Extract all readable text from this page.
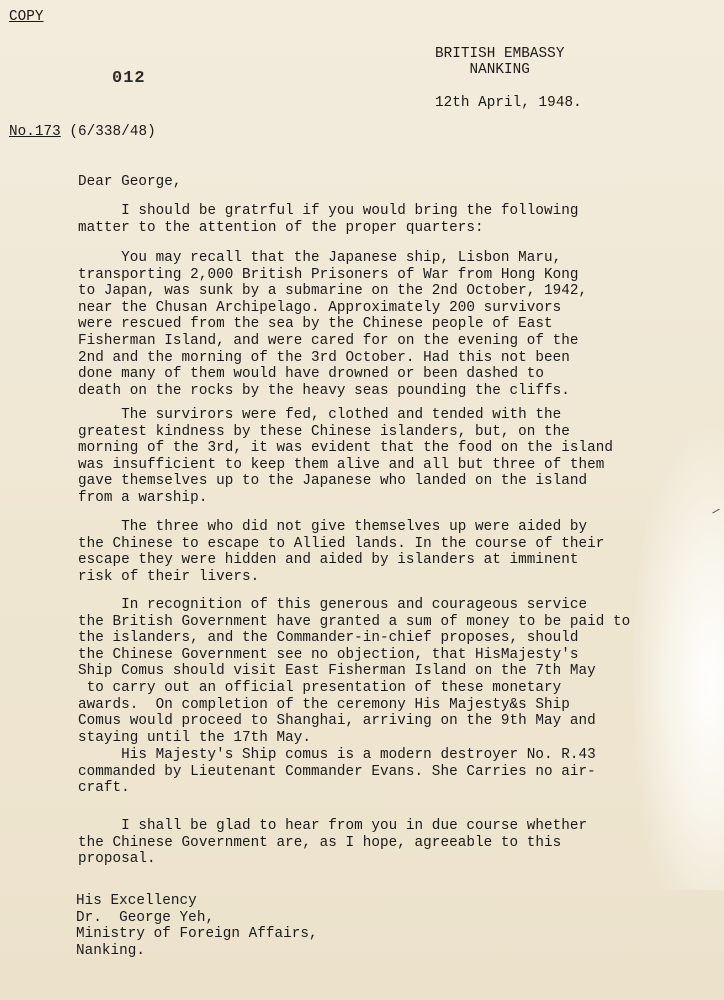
COPY
012
BRITISH EMBASSY
NANKING
12th April, 1948.
No.173 (6/338/48)
Dear George,
I should be gratrful if you would bring the following
matter to the attention of the proper quarters:
You may recall that the Japanese ship, Lisbon Maru,
transporting 2,000 British Prisoners of War from Hong Kong
to Japan, was sunk by a submarine on the 2nd October, 1942,
near the Chusan Archipelago. Approximately 200 survivors
were rescued from the sea by the Chinese people of East
Fisherman Island, and were cared for on the evening of the
2nd and the morning of the 3rd October. Had this not been
done many of them would have drowned or been dashed to
death on the rocks by the heavy seas pounding the cliffs.
The survirors were fed, clothed and tended with the
greatest kindness by these Chinese islanders, but, on the
morning of the 3rd, it was evident that the food on the island
was insufficient to keep them alive and all but three of them
gave themselves up to the Japanese who landed on the island
from a warship.
The three who did not give themselves up were aided by
the Chinese to escape to Allied lands. In the course of their
escape they were hidden and aided by islanders at imminent
risk of their livers.
In recognition of this generous and courageous service
the British Government have granted a sum of money to be paid to
the islanders, and the Commander-in-chief proposes, should
the Chinese Government see no objection, that HisMajesty's
Ship Comus should visit East Fisherman Island on the 7th May
to carry out an official presentation of these monetary
awards.  On completion of the ceremony His Majesty&s Ship
Comus would proceed to Shanghai, arriving on the 9th May and
staying until the 17th May.
His Majesty's Ship comus is a modern destroyer No. R.43
commanded by Lieutenant Commander Evans. She Carries no air-
craft.
I shall be glad to hear from you in due course whether
the Chinese Government are, as I hope, agreeable to this
proposal.
His Excellency
Dr.  George Yeh,
Ministry of Foreign Affairs,
Nanking.
